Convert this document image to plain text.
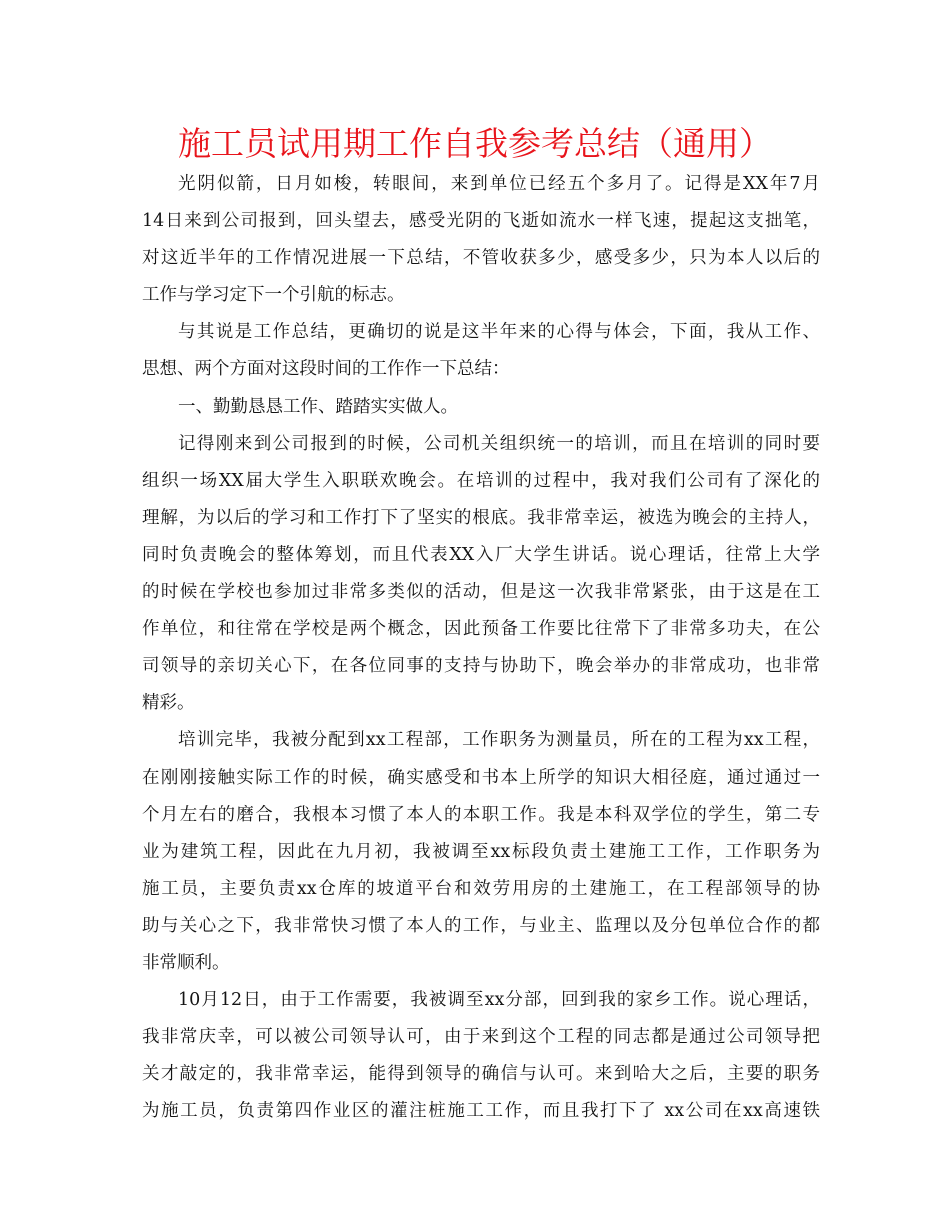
施工员试用期工作自我参考总结（通用）
光阴似箭，日月如梭，转眼间，来到单位已经五个多月了。记得是XX年7月
14日来到公司报到，回头望去，感受光阴的飞逝如流水一样飞速，提起这支拙笔，
对这近半年的工作情况进展一下总结，不管收获多少，感受多少，只为本人以后的
工作与学习定下一个引航的标志。
与其说是工作总结，更确切的说是这半年来的心得与体会，下面，我从工作、
思想、两个方面对这段时间的工作作一下总结：
一、勤勤恳恳工作、踏踏实实做人。
记得刚来到公司报到的时候，公司机关组织统一的培训，而且在培训的同时要
组织一场XX届大学生入职联欢晚会。在培训的过程中，我对我们公司有了深化的
理解，为以后的学习和工作打下了坚实的根底。我非常幸运，被选为晚会的主持人，
同时负责晚会的整体筹划，而且代表XX入厂大学生讲话。说心理话，往常上大学
的时候在学校也参加过非常多类似的活动，但是这一次我非常紧张，由于这是在工
作单位，和往常在学校是两个概念，因此预备工作要比往常下了非常多功夫，在公
司领导的亲切关心下，在各位同事的支持与协助下，晚会举办的非常成功，也非常
精彩。
培训完毕，我被分配到xx工程部，工作职务为测量员，所在的工程为xx工程，
在刚刚接触实际工作的时候，确实感受和书本上所学的知识大相径庭，通过通过一
个月左右的磨合，我根本习惯了本人的本职工作。我是本科双学位的学生，第二专
业为建筑工程，因此在九月初，我被调至xx标段负责土建施工工作，工作职务为
施工员，主要负责xx仓库的坡道平台和效劳用房的土建施工，在工程部领导的协
助与关心之下，我非常快习惯了本人的工作，与业主、监理以及分包单位合作的都
非常顺利。
10月12日，由于工作需要，我被调至xx分部，回到我的家乡工作。说心理话，
我非常庆幸，可以被公司领导认可，由于来到这个工程的同志都是通过公司领导把
关才敲定的，我非常幸运，能得到领导的确信与认可。来到哈大之后，主要的职务
为施工员，负责第四作业区的灌注桩施工工作，而且我打下了 xx公司在xx高速铁
